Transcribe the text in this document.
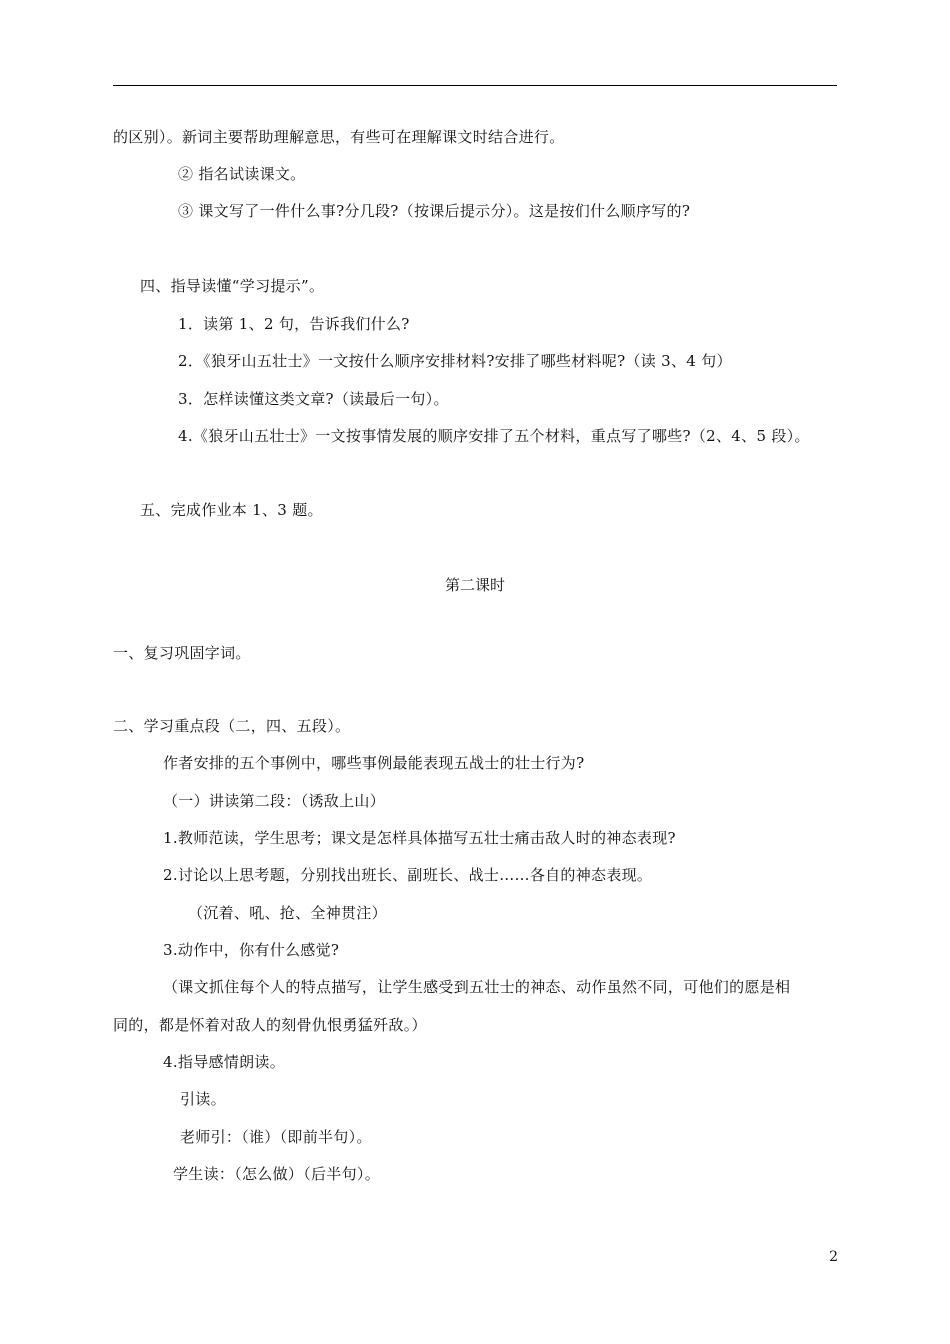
的区别）。新词主要帮助理解意思，有些可在理解课文时结合进行。
② 指名试读课文。
③ 课文写了一件什么事?分几段?（按课后提示分）。这是按们什么顺序写的?
四、指导读懂“学习提示”。
1．读第 1、2 句，告诉我们什么?
2．《狼牙山五壮士》一文按什么顺序安排材料?安排了哪些材料呢?（读 3、4 句）
3．怎样读懂这类文章?（读最后一句）。
4.《狼牙山五壮士》一文按事情发展的顺序安排了五个材料，重点写了哪些?（2、4、5 段）。
五、完成作业本 1、3 题。
第二课时
一、复习巩固字词。
二、学习重点段（二，四、五段）。
作者安排的五个事例中，哪些事例最能表现五战士的壮士行为?
（一）讲读第二段：（诱敌上山）
1.教师范读，学生思考；课文是怎样具体描写五壮士痛击敌人时的神态表现?
2.讨论以上思考题，分别找出班长、副班长、战士……各自的神态表现。
（沉着、吼、抢、全神贯注）
3.动作中，你有什么感觉?
（课文抓住每个人的特点描写，让学生感受到五壮士的神态、动作虽然不同，可他们的愿是相
同的，都是怀着对敌人的刻骨仇恨勇猛歼敌。）
4.指导感情朗读。
引读。
老师引：（谁）（即前半句）。
学生读：（怎么做）（后半句）。
2
